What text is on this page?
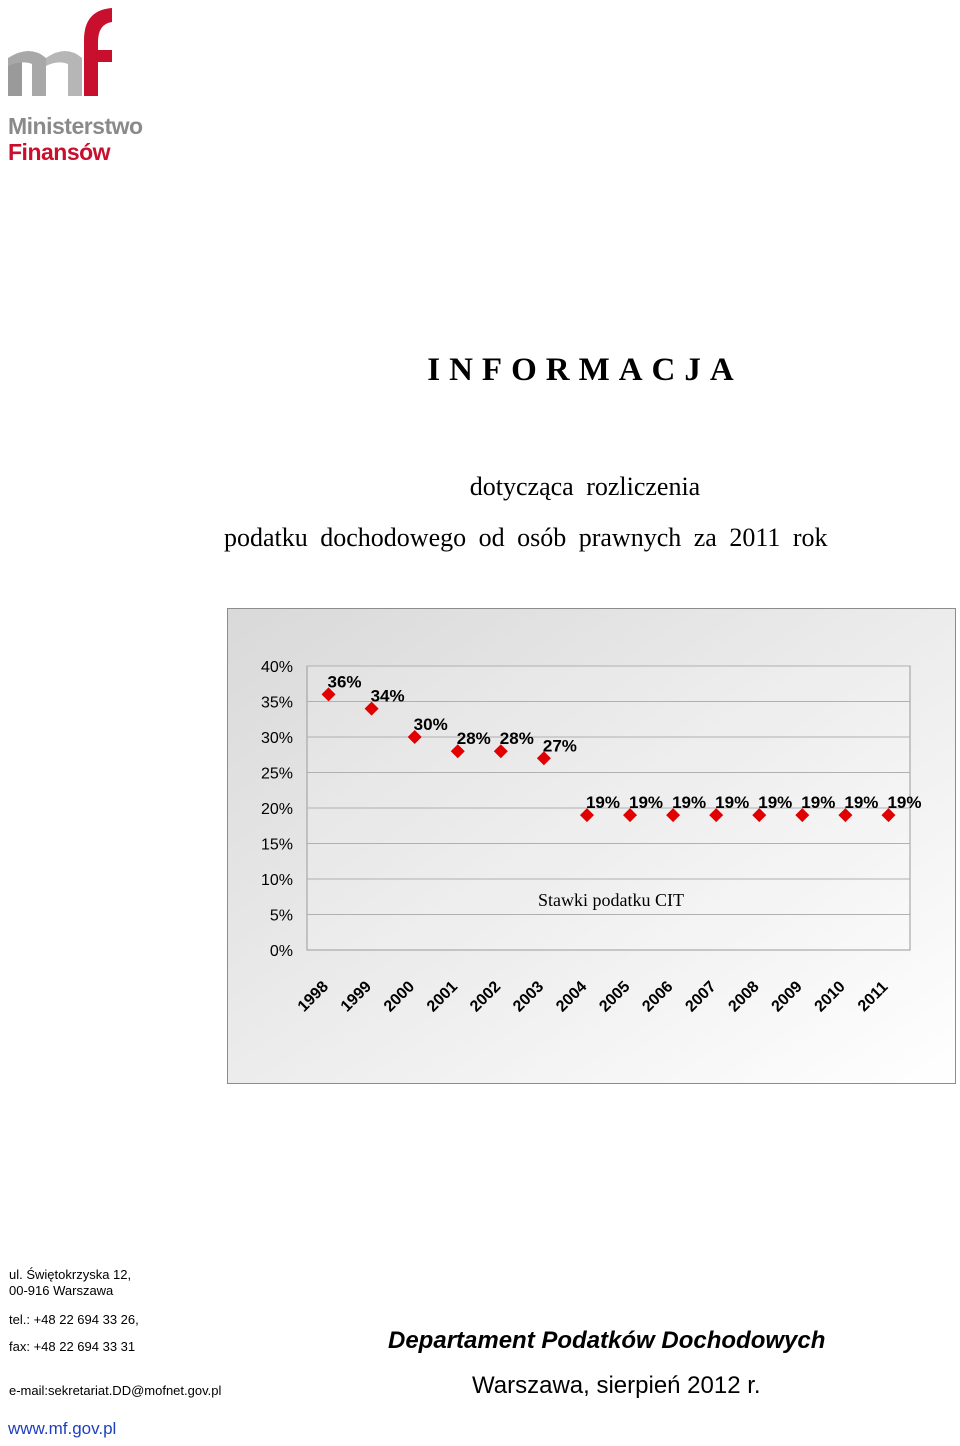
Ministerstwo
Finansów
INFORMACJA
dotycząca rozliczenia
podatku dochodowego od osób prawnych za 2011 rok
0%
5%
10%
15%
20%
25%
30%
35%
40%
1998 1999 2000 2001 2002 2003 2004 2005 2006 2007 2008 2009 2010 2011
36%
34%
30%
28% 28% 27%
19% 19% 19% 19% 19% 19% 19% 19%
Stawki podatku CIT
ul. Świętokrzyska 12,
00-916 Warszawa
tel.: +48 22 694 33 26,
fax: +48 22 694 33 31
e-mail:sekretariat.DD@mofnet.gov.pl
Departament Podatków Dochodowych
Warszawa, sierpień 2012 r.
www.mf.gov.pl
